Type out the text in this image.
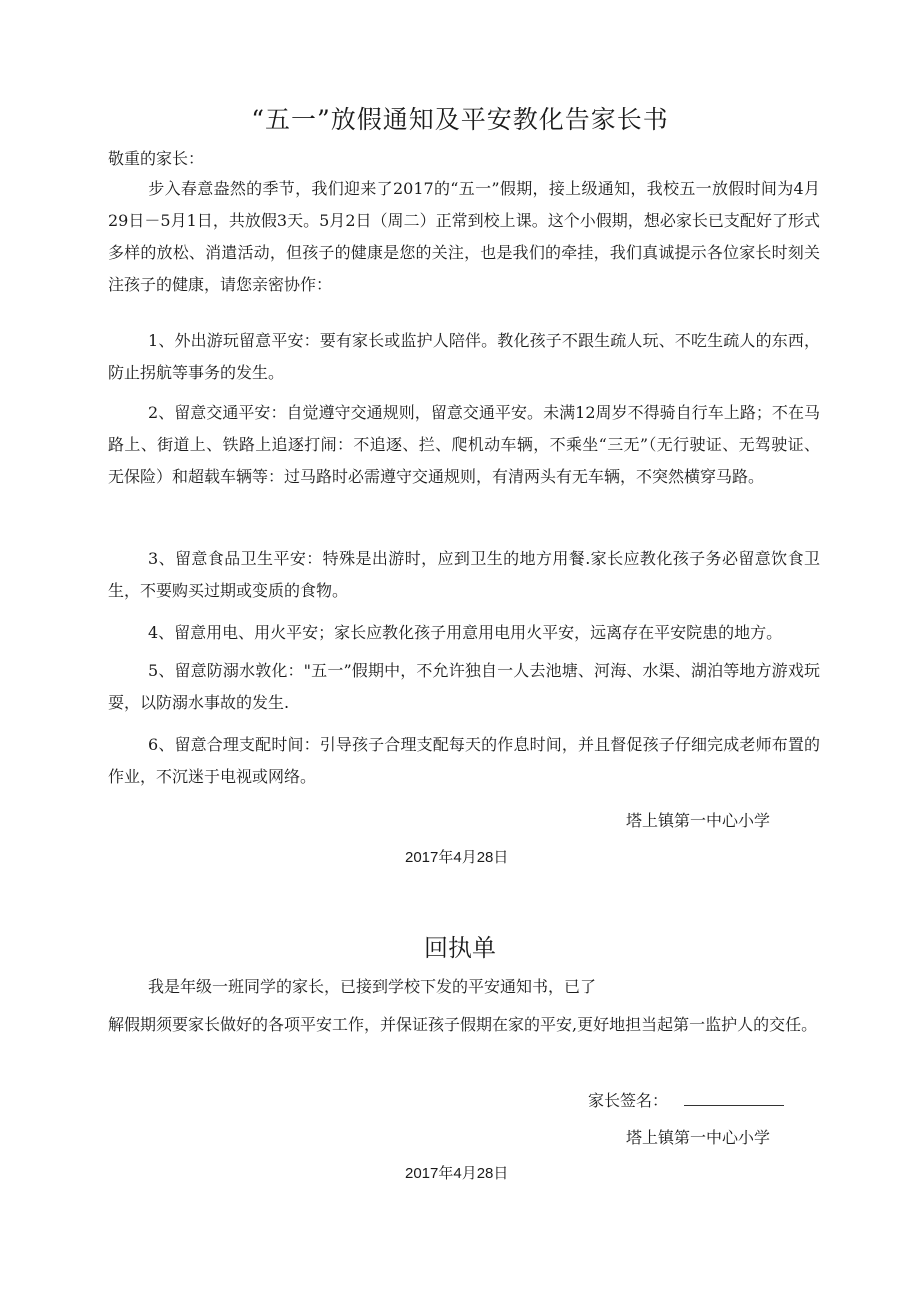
“五一”放假通知及平安教化告家长书
敬重的家长：
步入春意盎然的季节，我们迎来了2017的“五一”假期，接上级通知，我校五一放假时间为4月29日－5月1日，共放假3天。5月2日（周二）正常到校上课。这个小假期，想必家长已支配好了形式多样的放松、消遣活动，但孩子的健康是您的关注，也是我们的牵挂，我们真诚提示各位家长时刻关注孩子的健康，请您亲密协作：
1、外出游玩留意平安：要有家长或监护人陪伴。教化孩子不跟生疏人玩、不吃生疏人的东西，防止拐航等事务的发生。
2、留意交通平安：自觉遵守交通规则，留意交通平安。未满12周岁不得骑自行车上路；不在马路上、街道上、铁路上追逐打闹：不追逐、拦、爬机动车辆，不乘坐“三无”（无行驶证、无驾驶证、无保险）和超载车辆等：过马路时必需遵守交通规则，有清两头有无车辆，不突然横穿马路。
3、留意食品卫生平安：特殊是出游时，应到卫生的地方用餐.家长应教化孩子务必留意饮食卫生，不要购买过期或变质的食物。
4、留意用电、用火平安；家长应教化孩子用意用电用火平安，远离存在平安院患的地方。
5、留意防溺水敦化："五一”假期中，不允许独自一人去池塘、河海、水渠、湖泊等地方游戏玩耍，以防溺水事故的发生.
6、留意合理支配时间：引导孩子合理支配每天的作息时间，并且督促孩子仔细完成老师布置的作业，不沉迷于电视或网络。
塔上镇第一中心小学
2017年4月28日
回执单
我是年级一班同学的家长，已接到学校下发的平安通知书，已了
解假期须要家长做好的各项平安工作，并保证孩子假期在家的平安,更好地担当起第一监护人的交任。
家长签名：
塔上镇第一中心小学
2017年4月28日
